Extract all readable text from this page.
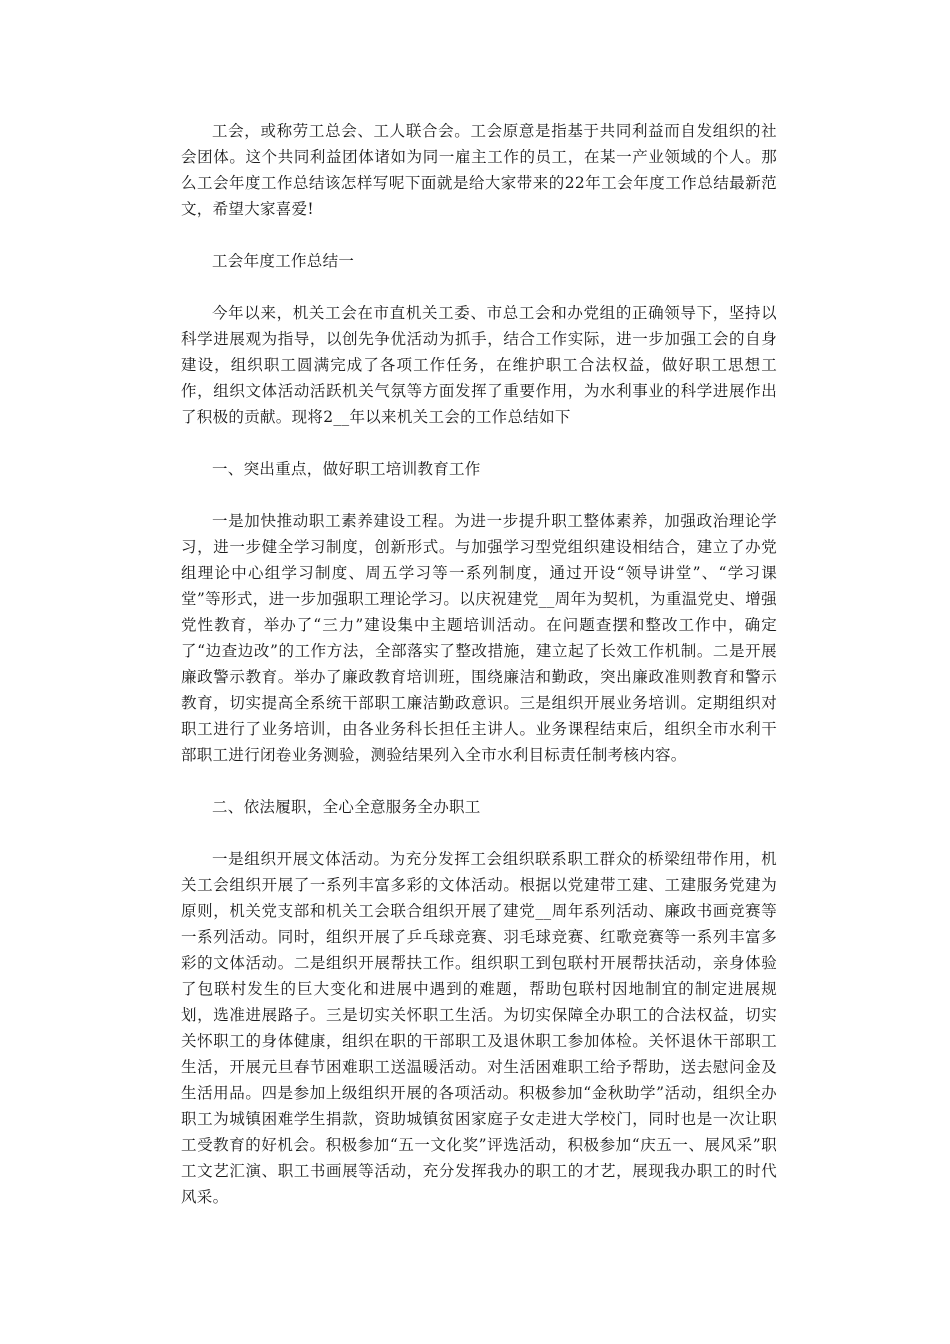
工会，或称劳工总会、工人联合会。工会原意是指基于共同利益而自发组织的社会团体。这个共同利益团体诸如为同一雇主工作的员工，在某一产业领域的个人。那么工会年度工作总结该怎样写呢下面就是给大家带来的22年工会年度工作总结最新范文，希望大家喜爱!

工会年度工作总结一

今年以来，机关工会在市直机关工委、市总工会和办党组的正确领导下，坚持以科学进展观为指导，以创先争优活动为抓手，结合工作实际，进一步加强工会的自身建设，组织职工圆满完成了各项工作任务，在维护职工合法权益，做好职工思想工作，组织文体活动活跃机关气氛等方面发挥了重要作用，为水利事业的科学进展作出了积极的贡献。现将2__年以来机关工会的工作总结如下

一、突出重点，做好职工培训教育工作

一是加快推动职工素养建设工程。为进一步提升职工整体素养，加强政治理论学习，进一步健全学习制度，创新形式。与加强学习型党组织建设相结合，建立了办党组理论中心组学习制度、周五学习等一系列制度，通过开设“领导讲堂”、“学习课堂”等形式，进一步加强职工理论学习。以庆祝建党__周年为契机，为重温党史、增强党性教育，举办了“三力”建设集中主题培训活动。在问题查摆和整改工作中，确定了“边查边改”的工作方法，全部落实了整改措施，建立起了长效工作机制。二是开展廉政警示教育。举办了廉政教育培训班，围绕廉洁和勤政，突出廉政准则教育和警示教育，切实提高全系统干部职工廉洁勤政意识。三是组织开展业务培训。定期组织对职工进行了业务培训，由各业务科长担任主讲人。业务课程结束后，组织全市水利干部职工进行闭卷业务测验，测验结果列入全市水利目标责任制考核内容。

二、依法履职，全心全意服务全办职工

一是组织开展文体活动。为充分发挥工会组织联系职工群众的桥梁纽带作用，机关工会组织开展了一系列丰富多彩的文体活动。根据以党建带工建、工建服务党建为原则，机关党支部和机关工会联合组织开展了建党__周年系列活动、廉政书画竞赛等一系列活动。同时，组织开展了乒乓球竞赛、羽毛球竞赛、红歌竞赛等一系列丰富多彩的文体活动。二是组织开展帮扶工作。组织职工到包联村开展帮扶活动，亲身体验了包联村发生的巨大变化和进展中遇到的难题，帮助包联村因地制宜的制定进展规划，选准进展路子。三是切实关怀职工生活。为切实保障全办职工的合法权益，切实关怀职工的身体健康，组织在职的干部职工及退休职工参加体检。关怀退休干部职工生活，开展元旦春节困难职工送温暖活动。对生活困难职工给予帮助，送去慰问金及生活用品。四是参加上级组织开展的各项活动。积极参加“金秋助学”活动，组织全办职工为城镇困难学生捐款，资助城镇贫困家庭子女走进大学校门，同时也是一次让职工受教育的好机会。积极参加“五一文化奖”评选活动，积极参加“庆五一、展风采”职工文艺汇演、职工书画展等活动，充分发挥我办的职工的才艺，展现我办职工的时代风采。
